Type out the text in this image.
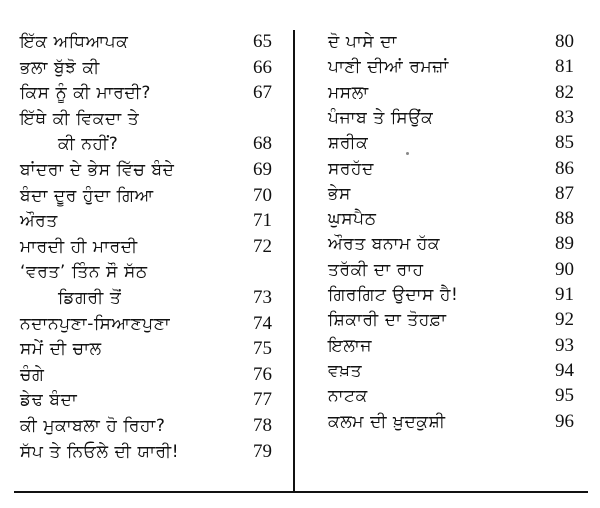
ਇੱਕ ਅਧਿਆਪਕ	65
ਭਲਾ ਬੁੱਝੋ ਕੀ	66
ਕਿਸ ਨੂੰ ਕੀ ਮਾਰਦੀ?	67
ਇੱਥੇ ਕੀ ਵਿਕਦਾ ਤੇ
ਕੀ ਨਹੀਂ?	68
ਬਾਂਦਰਾ ਦੇ ਭੇਸ ਵਿੱਚ ਬੰਦੇ	69
ਬੰਦਾ ਦੂਰ ਹੁੰਦਾ ਗਿਆ	70
ਔਰਤ	71
ਮਾਰਦੀ ਹੀ ਮਾਰਦੀ	72
‘ਵਰਤ’ ਤਿੰਨ ਸੌ ਸੱਠ
ਡਿਗਰੀ ਤੋਂ	73
ਨਦਾਨਪੁਣਾ-ਸਿਆਣਪੁਣਾ	74
ਸਮੇਂ ਦੀ ਚਾਲ	75
ਚੰਗੇ	76
ਡੇਢ ਬੰਦਾ	77
ਕੀ ਮੁਕਾਬਲਾ ਹੋ ਰਿਹਾ?	78
ਸੱਪ ਤੇ ਨਿਓਲੇ ਦੀ ਯਾਰੀ!	79
ਦੋ ਪਾਸੇ ਦਾ	80
ਪਾਣੀ ਦੀਆਂ ਰਮਜ਼ਾਂ	81
ਮਸਲਾ	82
ਪੰਜਾਬ ਤੇ ਸਿਉਂਕ	83
ਸ਼ਰੀਕ	85
ਸਰਹੱਦ	86
ਭੇਸ	87
ਘੁਸਪੈਠ	88
ਔਰਤ ਬਨਾਮ ਹੱਕ	89
ਤਰੱਕੀ ਦਾ ਰਾਹ	90
ਗਿਰਗਿਟ ਉਦਾਸ ਹੈ!	91
ਸ਼ਿਕਾਰੀ ਦਾ ਤੋਹਫ਼ਾ	92
ਇਲਾਜ	93
ਵਖ਼ਤ	94
ਨਾਟਕ	95
ਕਲਮ ਦੀ ਖ਼ੁਦਕੁਸ਼ੀ	96
